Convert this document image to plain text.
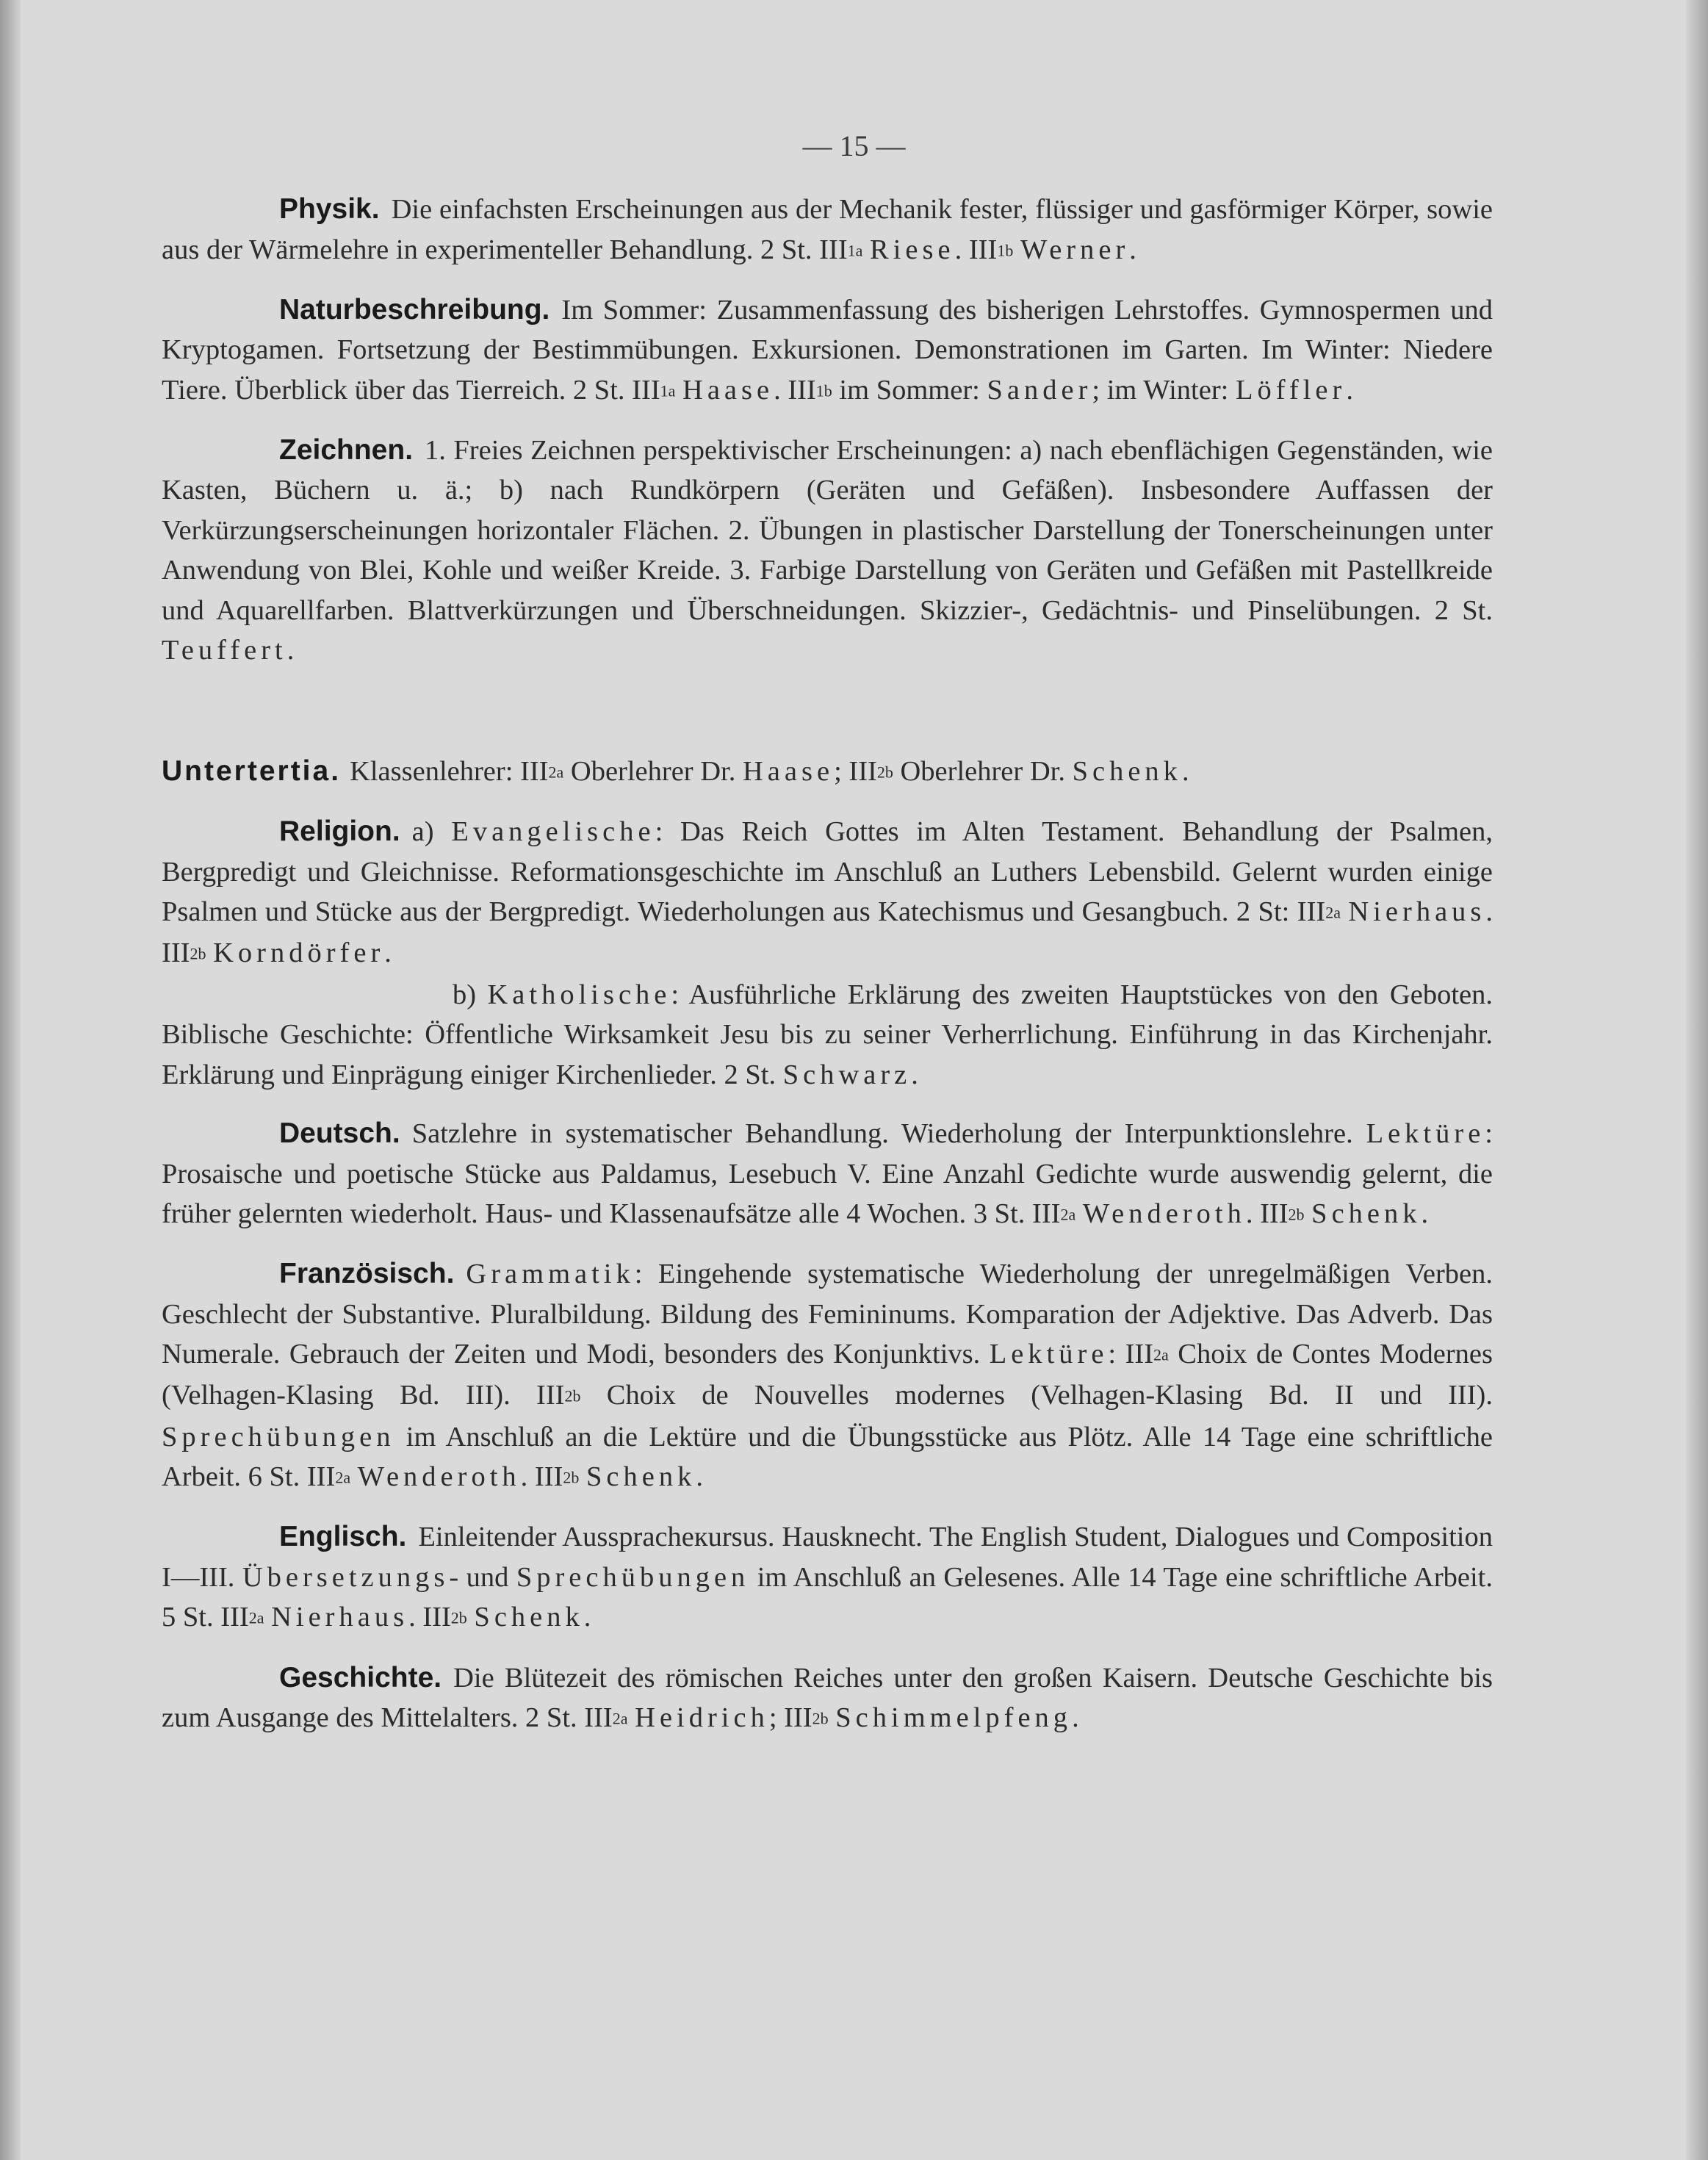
— 15 —

Physik. Die einfachsten Erscheinungen aus der Mechanik fester, flüssiger und gasförmiger Körper, sowie aus der Wärmelehre in experimenteller Behandlung. 2 St. III1a Riese. III1b Werner.

Naturbeschreibung. Im Sommer: Zusammenfassung des bisherigen Lehrstoffes. Gymnospermen und Kryptogamen. Fortsetzung der Bestimmübungen. Exkursionen. Demonstrationen im Garten. Im Winter: Niedere Tiere. Überblick über das Tierreich. 2 St. III1a Haase. III1b im Sommer: Sander; im Winter: Löffler.

Zeichnen. 1. Freies Zeichnen perspektivischer Erscheinungen: a) nach ebenflächigen Gegenständen, wie Kasten, Büchern u. ä.; b) nach Rundkörpern (Geräten und Gefäßen). Insbesondere Auffassen der Verkürzungserscheinungen horizontaler Flächen. 2. Übungen in plastischer Darstellung der Tonerscheinungen unter Anwendung von Blei, Kohle und weißer Kreide. 3. Farbige Darstellung von Geräten und Gefäßen mit Pastellkreide und Aquarellfarben. Blattverkürzungen und Überschneidungen. Skizzier-, Gedächtnis- und Pinselübungen. 2 St. Teuffert.

Untertertia. Klassenlehrer: III2a Oberlehrer Dr. Haase; III2b Oberlehrer Dr. Schenk.

Religion. a) Evangelische: Das Reich Gottes im Alten Testament. Behandlung der Psalmen, Bergpredigt und Gleichnisse. Reformationsgeschichte im Anschluß an Luthers Lebensbild. Gelernt wurden einige Psalmen und Stücke aus der Bergpredigt. Wiederholungen aus Katechismus und Gesangbuch. 2 St: III2a Nierhaus. III2b Korndörfer.

b) Katholische: Ausführliche Erklärung des zweiten Hauptstückes von den Geboten. Biblische Geschichte: Öffentliche Wirksamkeit Jesu bis zu seiner Verherrlichung. Einführung in das Kirchenjahr. Erklärung und Einprägung einiger Kirchenlieder. 2 St. Schwarz.

Deutsch. Satzlehre in systematischer Behandlung. Wiederholung der Interpunktionslehre. Lektüre: Prosaische und poetische Stücke aus Paldamus, Lesebuch V. Eine Anzahl Gedichte wurde auswendig gelernt, die früher gelernten wiederholt. Haus- und Klassenaufsätze alle 4 Wochen. 3 St. III2a Wenderoth. III2b Schenk.

Französisch. Grammatik: Eingehende systematische Wiederholung der unregelmäßigen Verben. Geschlecht der Substantive. Pluralbildung. Bildung des Femininums. Komparation der Adjektive. Das Adverb. Das Numerale. Gebrauch der Zeiten und Modi, besonders des Konjunktivs. Lektüre: III2a Choix de Contes Modernes (Velhagen-Klasing Bd. III). III2b Choix de Nouvelles modernes (Velhagen-Klasing Bd. II und III). Sprechübungen im Anschluß an die Lektüre und die Übungsstücke aus Plötz. Alle 14 Tage eine schriftliche Arbeit. 6 St. III2a Wenderoth. III2b Schenk.

Englisch. Einleitender Ausspracheкursus. Hausknecht. The English Student, Dialogues und Composition I—III. Übersetzungs- und Sprechübungen im Anschluß an Gelesenes. Alle 14 Tage eine schriftliche Arbeit. 5 St. III2a Nierhaus. III2b Schenk.

Geschichte. Die Blütezeit des römischen Reiches unter den großen Kaisern. Deutsche Geschichte bis zum Ausgange des Mittelalters. 2 St. III2a Heidrich; III2b Schimmelpfeng.
